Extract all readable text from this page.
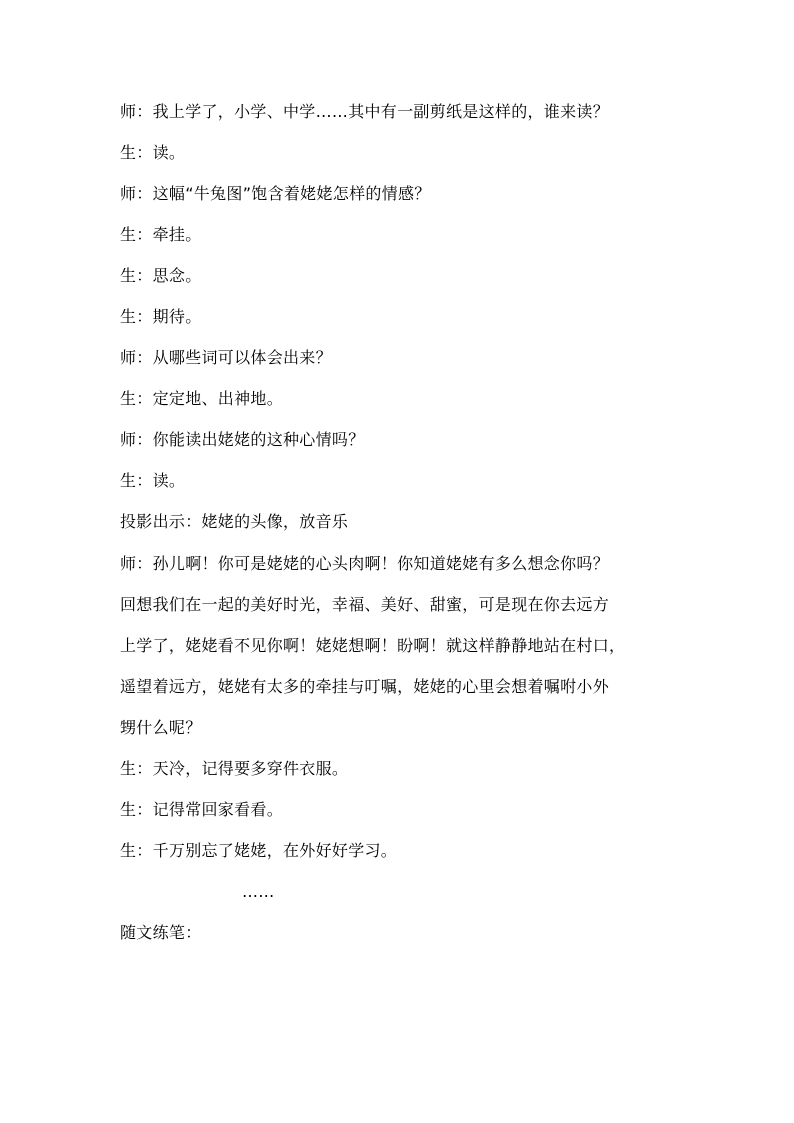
师：我上学了，小学、中学……其中有一副剪纸是这样的，谁来读？
生：读。
师：这幅“牛兔图”饱含着姥姥怎样的情感？
生：牵挂。
生：思念。
生：期待。
师：从哪些词可以体会出来？
生：定定地、出神地。
师：你能读出姥姥的这种心情吗？
生：读。
投影出示：姥姥的头像，放音乐
师：孙儿啊！你可是姥姥的心头肉啊！你知道姥姥有多么想念你吗？
回想我们在一起的美好时光，幸福、美好、甜蜜，可是现在你去远方
上学了，姥姥看不见你啊！姥姥想啊！盼啊！就这样静静地站在村口，
遥望着远方，姥姥有太多的牵挂与叮嘱，姥姥的心里会想着嘱咐小外
甥什么呢？
生：天冷，记得要多穿件衣服。
生：记得常回家看看。
生：千万别忘了姥姥，在外好好学习。
……
随文练笔：
